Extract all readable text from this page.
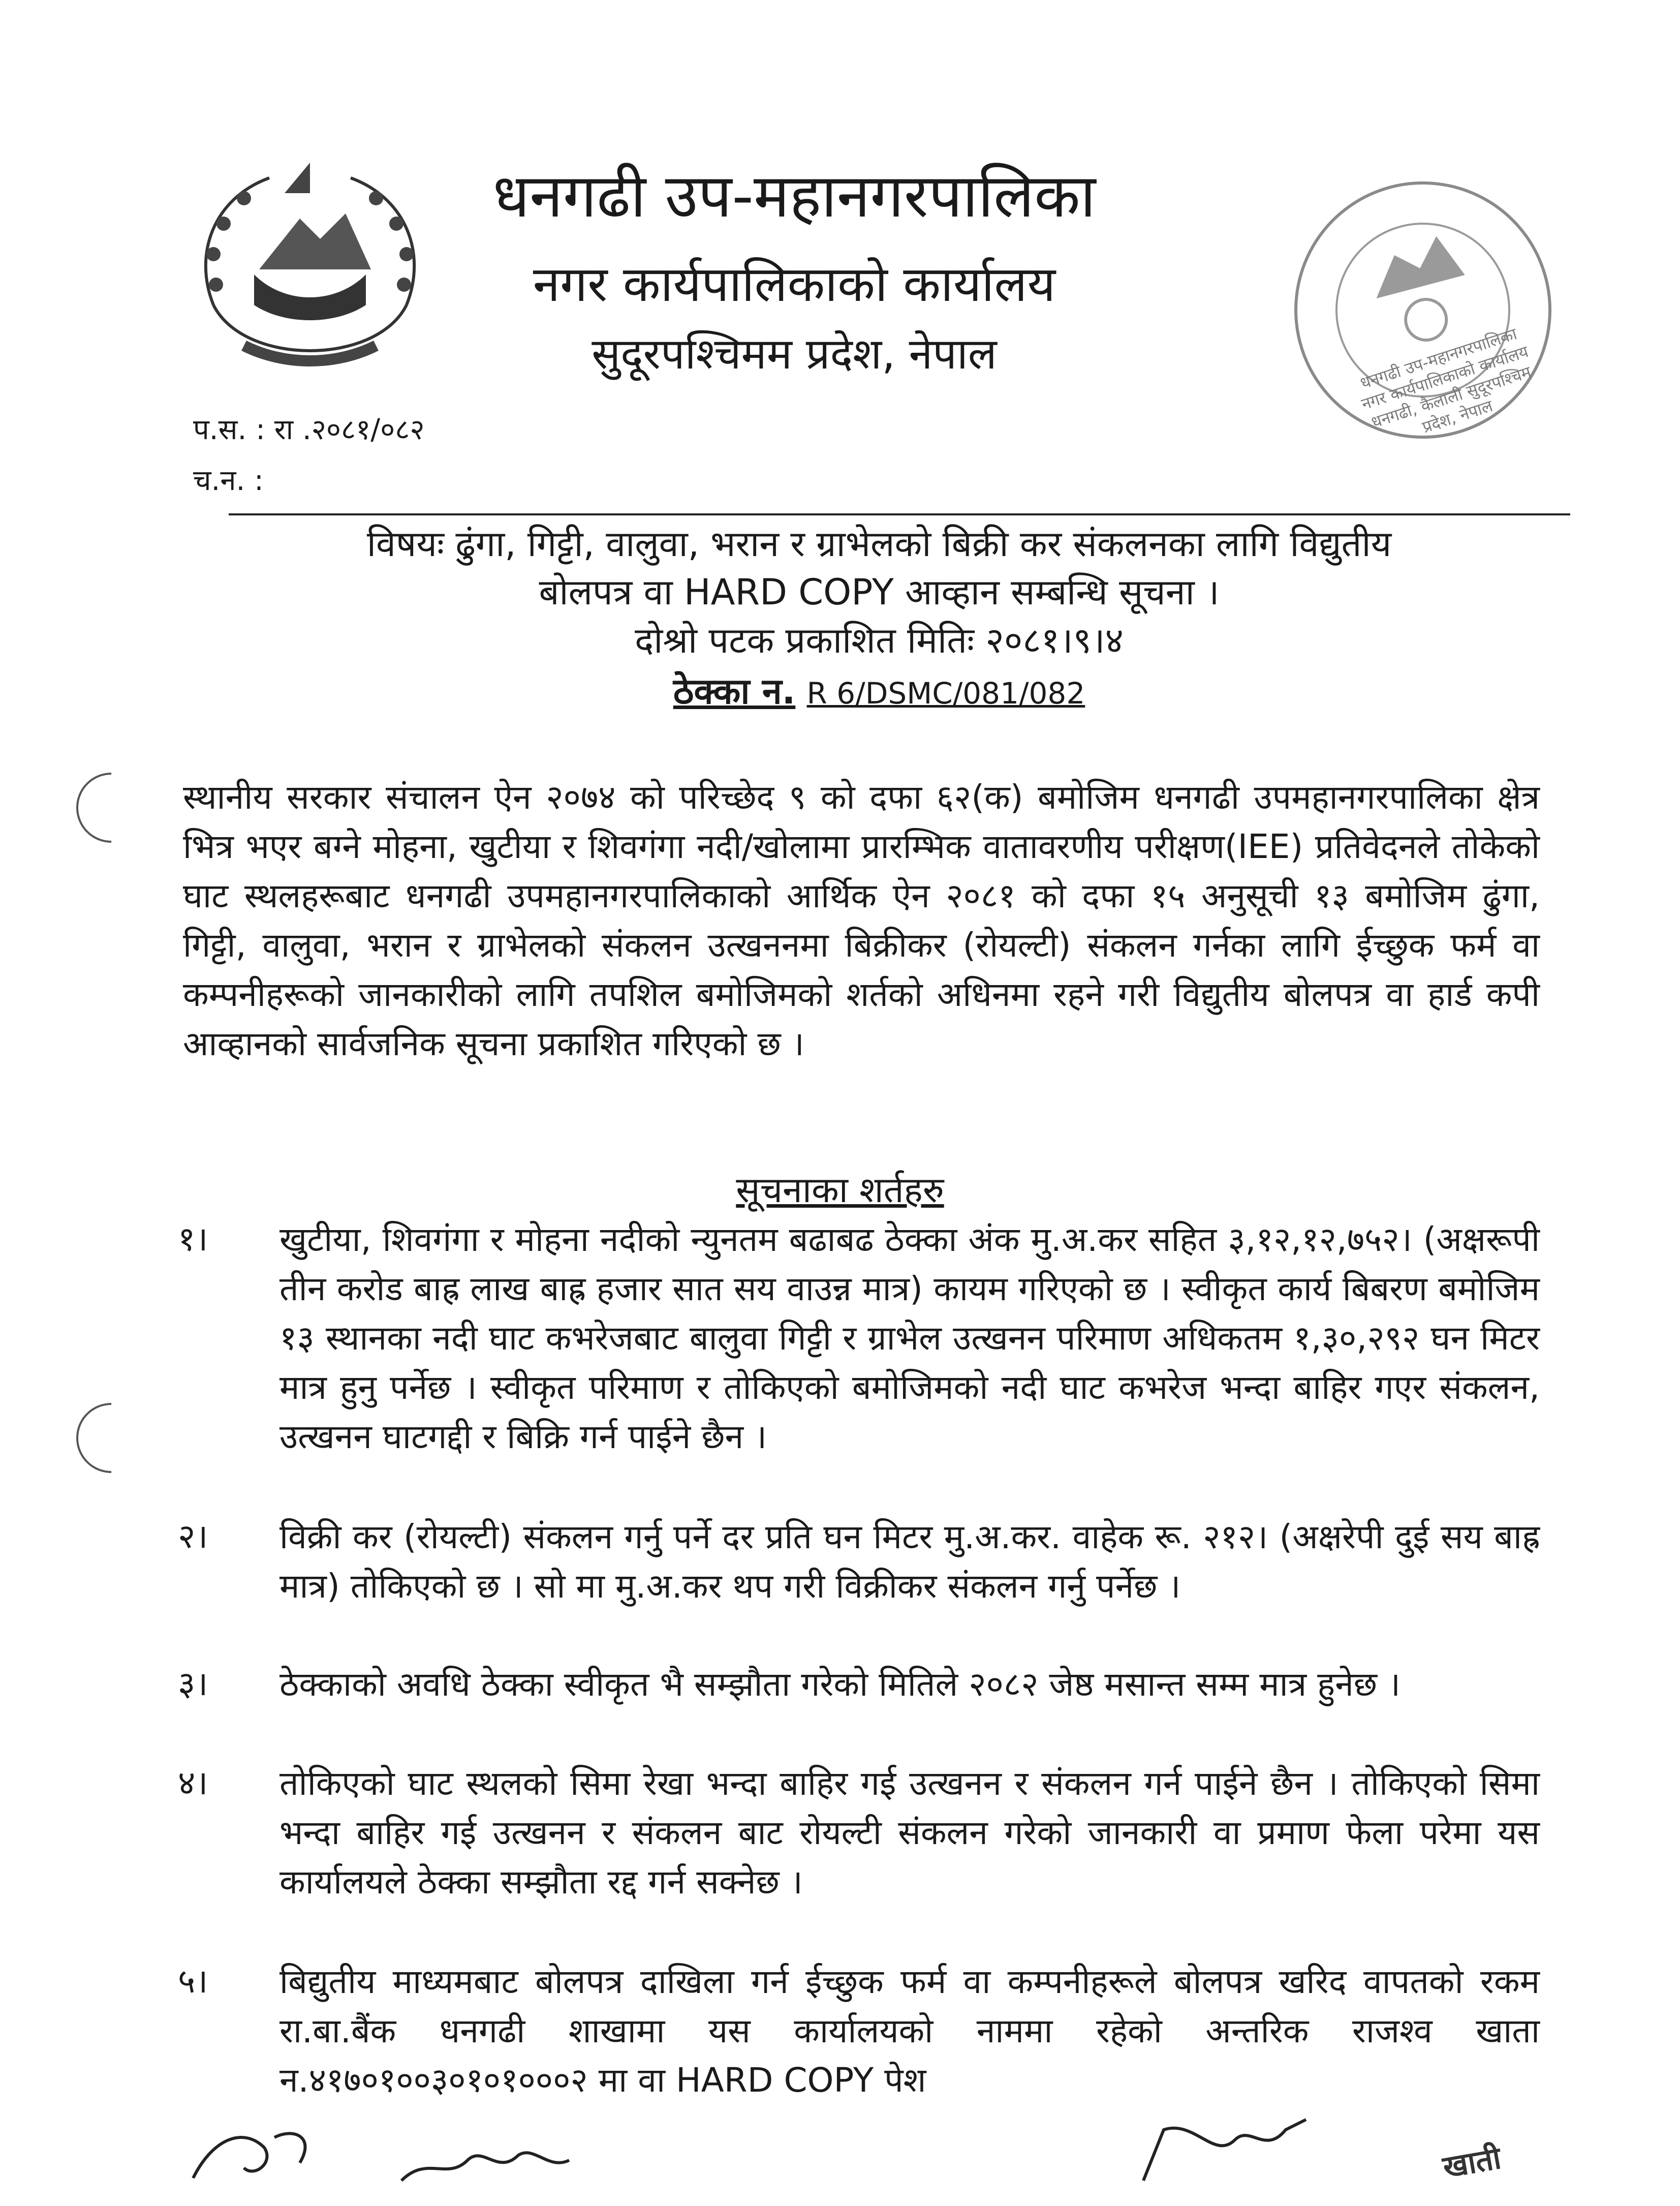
धनगढी उप-महानगरपालिका
नगर कार्यपालिकाको कार्यालय
सुदूरपश्चिमम प्रदेश, नेपाल	धनगढी उप-महानगरपालिका नगर कार्यपालिकाको कार्यालय धनगढी, कैलाली सुदूरपश्चिम प्रदेश, नेपाल
प.स. : रा .२०८१/०८२
च.न. :
विषयः ढुंगा, गिट्टी, वालुवा, भरान र ग्राभेलको बिक्री कर संकलनका लागि विद्युतीय
बोलपत्र वा HARD COPY आव्हान सम्बन्धि सूचना ।
दोश्रो पटक प्रकाशित मितिः २०८१।९।४
ठेक्का न. R 6/DSMC/081/082
स्थानीय सरकार संचालन ऐन २०७४ को परिच्छेद ९ को दफा ६२(क) बमोजिम धनगढी उपमहानगरपालिका क्षेत्र भित्र भएर बग्ने मोहना, खुटीया र शिवगंगा नदी/खोलामा प्रारम्भिक वातावरणीय परीक्षण(IEE) प्रतिवेदनले तोकेको घाट स्थलहरूबाट धनगढी उपमहानगरपालिकाको आर्थिक ऐन २०८१ को दफा १५ अनुसूची १३ बमोजिम ढुंगा, गिट्टी, वालुवा, भरान र ग्राभेलको संकलन उत्खननमा बिक्रीकर (रोयल्टी) संकलन गर्नका लागि ईच्छुक फर्म वा कम्पनीहरूको जानकारीको लागि तपशिल बमोजिमको शर्तको अधिनमा रहने गरी विद्युतीय बोलपत्र वा हार्ड कपी आव्हानको सार्वजनिक सूचना प्रकाशित गरिएको छ ।
सूचनाका शर्तहरु
१।	खुटीया, शिवगंगा र मोहना नदीको न्युनतम बढाबढ ठेक्का अंक मु.अ.कर सहित ३,१२,१२,७५२। (अक्षरूपी तीन करोड बाह्र लाख बाह्र हजार सात सय वाउन्न मात्र) कायम गरिएको छ । स्वीकृत कार्य बिबरण बमोजिम १३ स्थानका नदी घाट कभरेजबाट बालुवा गिट्टी र ग्राभेल उत्खनन परिमाण अधिकतम १,३०,२९२ घन मिटर मात्र हुनु पर्नेछ । स्वीकृत परिमाण र तोकिएको बमोजिमको नदी घाट कभरेज भन्दा बाहिर गएर संकलन, उत्खनन घाटगद्दी र बिक्रि गर्न पाईने छैन ।
२।	विक्री कर (रोयल्टी) संकलन गर्नु पर्ने दर प्रति घन मिटर मु.अ.कर. वाहेक रू. २१२। (अक्षरेपी दुई सय बाह्र मात्र) तोकिएको छ । सो मा मु.अ.कर थप गरी विक्रीकर संकलन गर्नु पर्नेछ ।
३।	ठेक्काको अवधि ठेक्का स्वीकृत भै सम्झौता गरेको मितिले २०८२ जेष्ठ मसान्त सम्म मात्र हुनेछ ।
४।	तोकिएको घाट स्थलको सिमा रेखा भन्दा बाहिर गई उत्खनन र संकलन गर्न पाईने छैन । तोकिएको सिमा भन्दा बाहिर गई उत्खनन र संकलन बाट रोयल्टी संकलन गरेको जानकारी वा प्रमाण फेला परेमा यस कार्यालयले ठेक्का सम्झौता रद्द गर्न सक्नेछ ।
५।	बिद्युतीय माध्यमबाट बोलपत्र दाखिला गर्न ईच्छुक फर्म वा कम्पनीहरूले बोलपत्र खरिद वापतको रकम रा.बा.बैंक धनगढी शाखामा यस कार्यालयको नाममा रहेको अन्तरिक राजश्व खाता न.४१७०१००३०१०१०००२ मा वा HARD COPY पेश
खाती
